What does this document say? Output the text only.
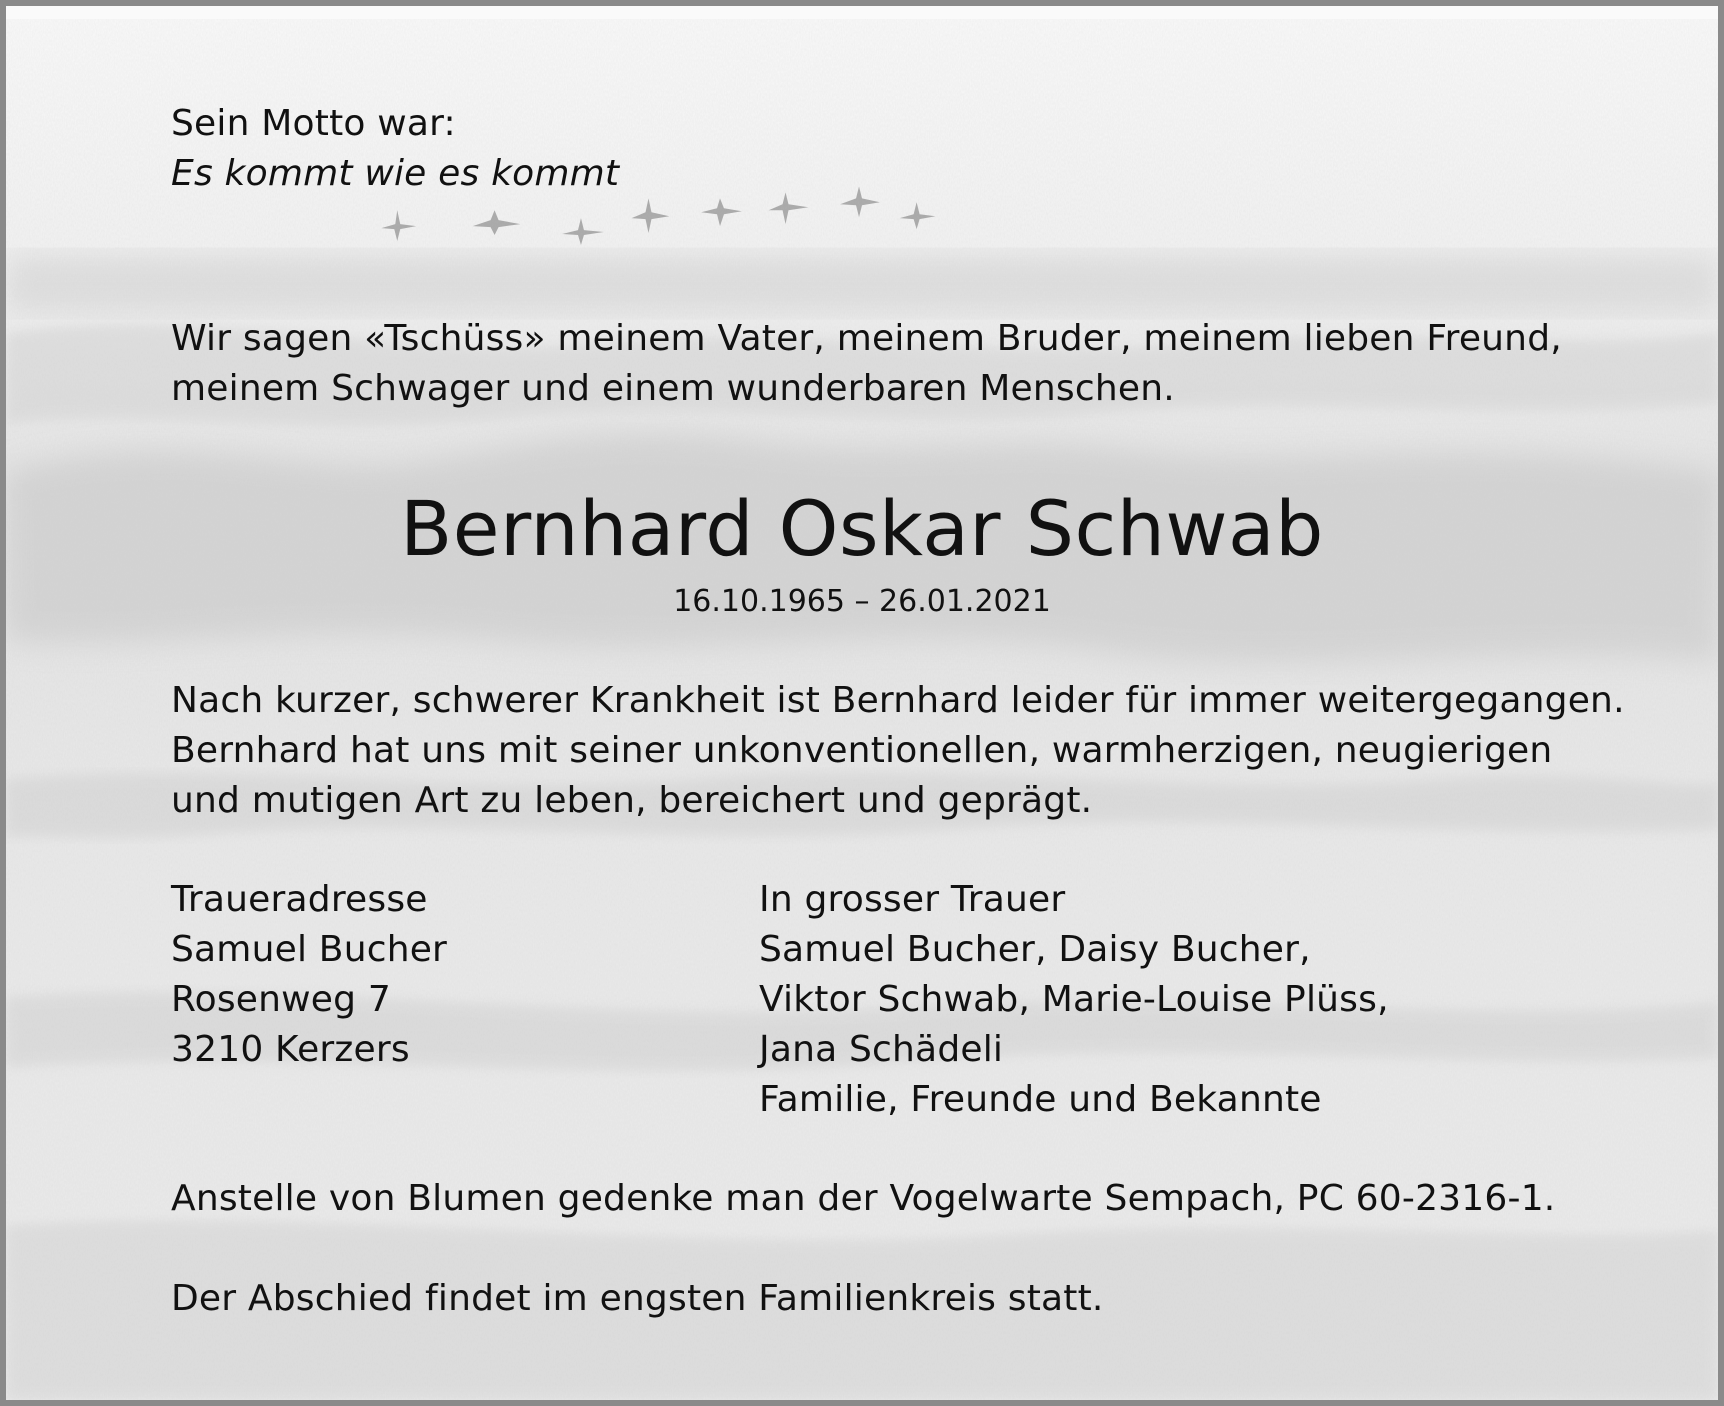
Sein Motto war:

Es kommt wie es kommt

Wir sagen «Tschüss» meinem Vater, meinem Bruder, meinem lieben Freund,
meinem Schwager und einem wunderbaren Menschen.
Bernhard Oskar Schwab

16.10.1965 – 26.01.2021

Nach kurzer, schwerer Krankheit ist Bernhard leider für immer weitergegangen.
Bernhard hat uns mit seiner unkonventionellen, warmherzigen, neugierigen
und mutigen Art zu leben, bereichert und geprägt.
Traueradresse
Samuel Bucher
Rosenweg 7
3210 Kerzers
In grosser Trauer
Samuel Bucher, Daisy Bucher,
Viktor Schwab, Marie-Louise Plüss,
Jana Schädeli
Familie, Freunde und Bekannte

Anstelle von Blumen gedenke man der Vogelwarte Sempach, PC 60-2316-1.

Der Abschied findet im engsten Familienkreis statt.
